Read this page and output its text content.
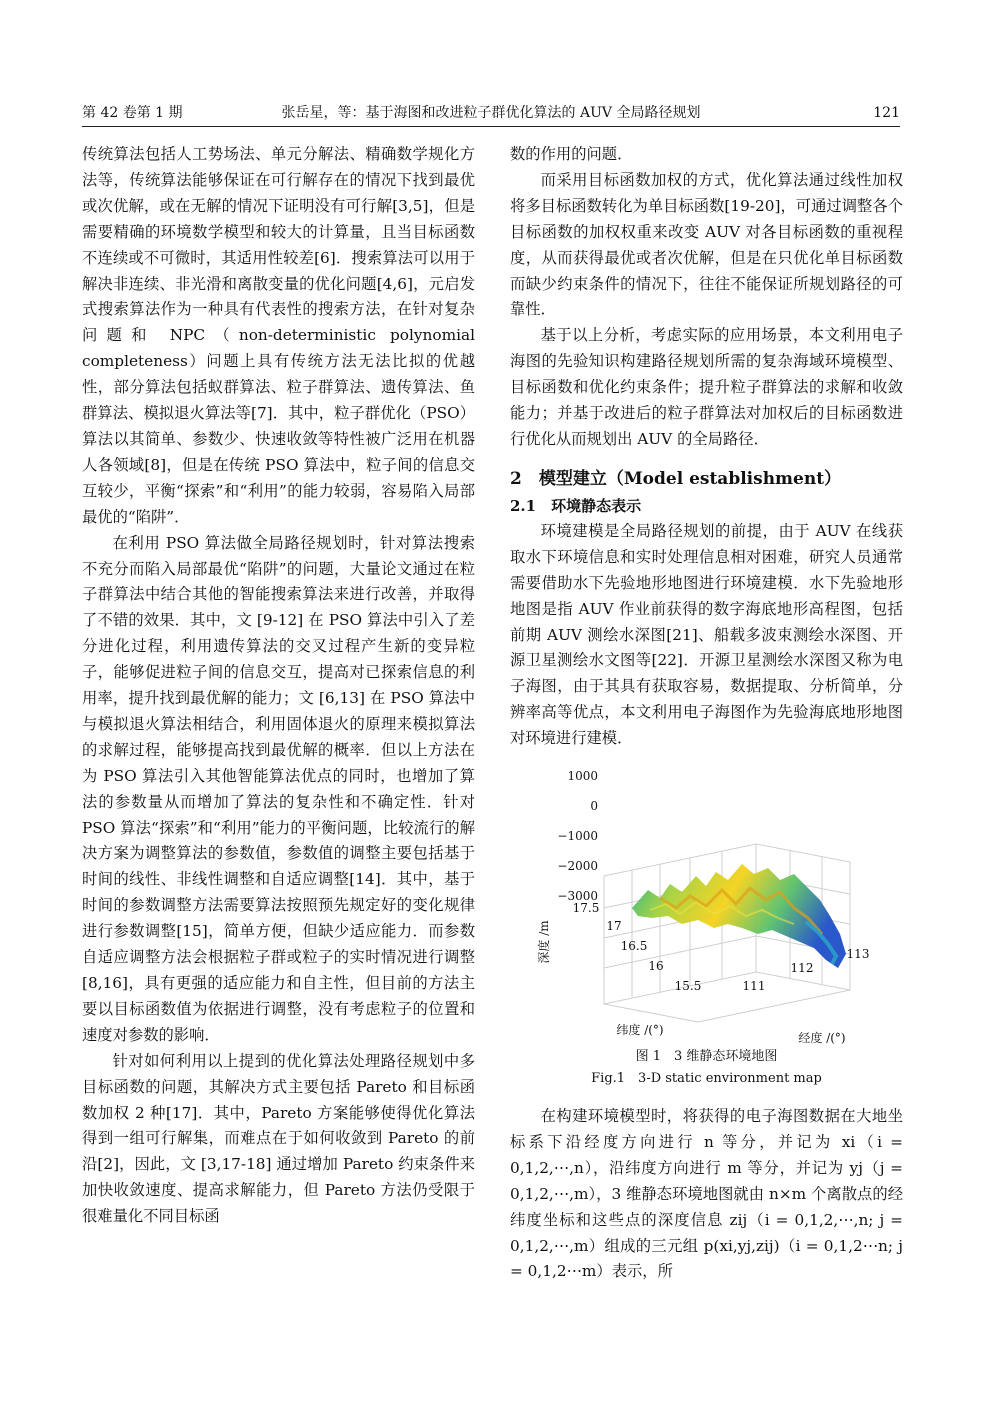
第 42 卷第 1 期	张岳星，等：基于海图和改进粒子群优化算法的 AUV 全局路径规划	121

传统算法包括人工势场法、单元分解法、精确数学规化方法等，传统算法能够保证在可行解存在的情况下找到最优或次优解，或在无解的情况下证明没有可行解[3,5]，但是需要精确的环境数学模型和较大的计算量，且当目标函数不连续或不可微时，其适用性较差[6]．搜索算法可以用于解决非连续、非光滑和离散变量的优化问题[4,6]，元启发式搜索算法作为一种具有代表性的搜索方法，在针对复杂问题和 NPC（non-deterministic polynomial completeness）问题上具有传统方法无法比拟的优越性，部分算法包括蚁群算法、粒子群算法、遗传算法、鱼群算法、模拟退火算法等[7]．其中，粒子群优化（PSO）算法以其简单、参数少、快速收敛等特性被广泛用在机器人各领域[8]，但是在传统 PSO 算法中，粒子间的信息交互较少，平衡“探索”和“利用”的能力较弱，容易陷入局部最优的“陷阱”．

在利用 PSO 算法做全局路径规划时，针对算法搜索不充分而陷入局部最优“陷阱”的问题，大量论文通过在粒子群算法中结合其他的智能搜索算法来进行改善，并取得了不错的效果．其中，文 [9-12] 在 PSO 算法中引入了差分进化过程，利用遗传算法的交叉过程产生新的变异粒子，能够促进粒子间的信息交互，提高对已探索信息的利用率，提升找到最优解的能力；文 [6,13] 在 PSO 算法中与模拟退火算法相结合，利用固体退火的原理来模拟算法的求解过程，能够提高找到最优解的概率．但以上方法在为 PSO 算法引入其他智能算法优点的同时，也增加了算法的参数量从而增加了算法的复杂性和不确定性．针对 PSO 算法“探索”和“利用”能力的平衡问题，比较流行的解决方案为调整算法的参数值，参数值的调整主要包括基于时间的线性、非线性调整和自适应调整[14]．其中，基于时间的参数调整方法需要算法按照预先规定好的变化规律进行参数调整[15]，简单方便，但缺少适应能力．而参数自适应调整方法会根据粒子群或粒子的实时情况进行调整[8,16]，具有更强的适应能力和自主性，但目前的方法主要以目标函数值为依据进行调整，没有考虑粒子的位置和速度对参数的影响．

针对如何利用以上提到的优化算法处理路径规划中多目标函数的问题，其解决方式主要包括 Pareto 和目标函数加权 2 种[17]．其中，Pareto 方案能够使得优化算法得到一组可行解集，而难点在于如何收敛到 Pareto 的前沿[2]，因此，文 [3,17-18] 通过增加 Pareto 约束条件来加快收敛速度、提高求解能力，但 Pareto 方法仍受限于很难量化不同目标函

数的作用的问题．

而采用目标函数加权的方式，优化算法通过线性加权将多目标函数转化为单目标函数[19-20]，可通过调整各个目标函数的加权权重来改变 AUV 对各目标函数的重视程度，从而获得最优或者次优解，但是在只优化单目标函数而缺少约束条件的情况下，往往不能保证所规划路径的可靠性．

基于以上分析，考虑实际的应用场景，本文利用电子海图的先验知识构建路径规划所需的复杂海域环境模型、目标函数和优化约束条件；提升粒子群算法的求解和收敛能力；并基于改进后的粒子群算法对加权后的目标函数进行优化从而规划出 AUV 的全局路径．

2　模型建立（Model establishment）
2.1　环境静态表示

环境建模是全局路径规划的前提，由于 AUV 在线获取水下环境信息和实时处理信息相对困难，研究人员通常需要借助水下先验地形地图进行环境建模．水下先验地形地图是指 AUV 作业前获得的数字海底地形高程图，包括前期 AUV 测绘水深图[21]、船载多波束测绘水深图、开源卫星测绘水文图等[22]．开源卫星测绘水深图又称为电子海图，由于其具有获取容易，数据提取、分析简单，分辨率高等优点，本文利用电子海图作为先验海底地形地图对环境进行建模．

1000
0
−1000
−2000
−3000
17.5
17
16.5
16
15.5	111
112
113
深度 /m
纬度 /(°)
经度 /(°)
图 1　3 维静态环境地图
Fig.1　3-D static environment map

在构建环境模型时，将获得的电子海图数据在大地坐标系下沿经度方向进行 n 等分，并记为 xi（i = 0,1,2,⋯,n），沿纬度方向进行 m 等分，并记为 yj（j = 0,1,2,⋯,m），3 维静态环境地图就由 n×m 个离散点的经纬度坐标和这些点的深度信息 zij（i = 0,1,2,⋯,n; j = 0,1,2,⋯,m）组成的三元组 p(xi,yj,zij)（i = 0,1,2⋯n; j = 0,1,2⋯m）表示，所
